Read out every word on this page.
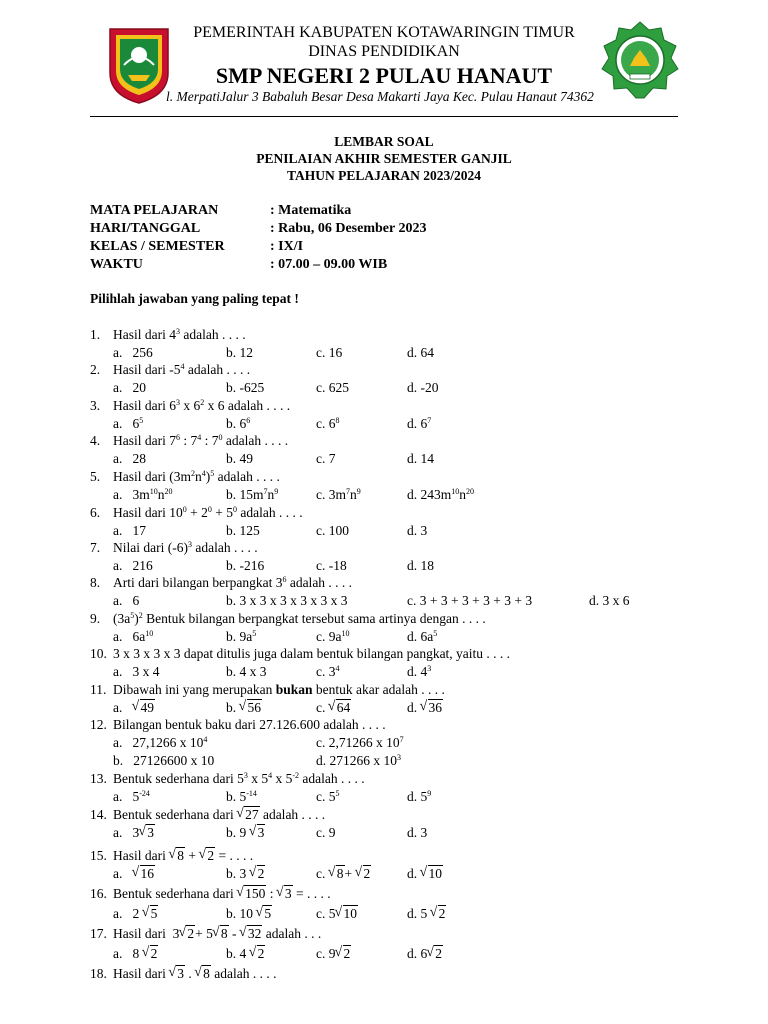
PEMERINTAH KABUPATEN KOTAWARINGIN TIMUR
DINAS PENDIDIKAN
SMP NEGERI 2 PULAU HANAUT
l. MerpatiJalur 3 Babaluh Besar Desa Makarti Jaya Kec. Pulau Hanaut 74362
LEMBAR SOAL
PENILAIAN AKHIR SEMESTER GANJIL
TAHUN PELAJARAN 2023/2024
MATA PELAJARAN	: Matematika
HARI/TANGGAL	: Rabu, 06 Desember 2023
KELAS / SEMESTER	: IX/I
WAKTU	: 07.00 – 09.00 WIB
Pilihlah jawaban yang paling tepat !
1. Hasil dari $4^3$ adalah . . . .
a. 256	b. 12	c. 16	d. 64
2. Hasil dari $-5^4$ adalah . . . .
a. 20	b. -625	c. 625	d. -20
3. Hasil dari $6^3$ x $6^2$ x 6 adalah . . . .
a.   $6^5$	b. $6^6$	c. $6^8$	d. $6^7$
4. Hasil dari $7^6$ : $7^4$ : $7^0$ adalah . . . .
a. 28	b. 49	c. 7	d. 14
5. Hasil dari $(3m^2n^4)^5$ adalah . . . .
a.   $3m^{10}n^{20}$	b. $15m^7n^9$	c. $3m^7n^9$	d. $243m^{10}n^{20}$
6. Hasil dari $10^0 + 2^0 + 5^0$ adalah . . . .
a. 17	b. 125	c. 100	d. 3
7. Nilai dari $(-6)^3$ adalah . . . .
a. 216	b. -216	c. -18	d. 18
8. Arti dari bilangan berpangkat $3^6$ adalah . . . .
a. 6	b. 3 x 3 x 3 x 3 x 3 x 3	c. 3 + 3 + 3 + 3 + 3 + 3	d. 3 x 6
9. $(3a^5)^2$ Bentuk bilangan berpangkat tersebut sama artinya dengan . . . .
a.   $6a^{10}$	b. $9a^5$	c. $9a^{10}$	d. $6a^5$
10. 3 x 3 x 3 x 3 dapat ditulis juga dalam bentuk bilangan pangkat, yaitu . . . .
a. 3 x 4	b. 4 x 3	c. $3^4$	d. $4^3$
11. Dibawah ini yang merupakan bukan bentuk akar adalah . . . .
a. √ 49	b. √ 56	c. √ 64	d. √ 36
12. Bilangan bentuk baku dari 27.126.600 adalah . . . .
a. 27,1266 x $10^4$	c. 2,71266 x $10^7$
b. 27126600 x 10	d. 271266 x $10^3$
13. Bentuk sederhana dari $5^3$ x $5^4$ x $5^{-2}$ adalah . . . .
a.   $5^{-24}$	b. $5^{-14}$	c. $5^5$	d. $5^9$
14. Bentuk sederhana dari √ 27 adalah . . . .
a. 3 √ 3	b. 9 √ 3	c. 9	d. 3
15. Hasil dari √ 8 + √ 2 = . . . .
a. √ 16	b. 3 √ 2	c. √ 8+ √ 2	d. √ 10
16. Bentuk sederhana dari √ 150 : √ 3 = . . . .
a.   2 √ 5	b. 10 √ 5	c. 5 √ 10	d. 5 √ 2
17. Hasil dari  3 √ 2+ 5 √ 8 - √ 32 adalah . . .
a.   8 √ 2	b. 4 √ 2	c. 9 √ 2	d. 6 √ 2
18. Hasil dari √ 3 . √ 8 adalah . . . .
